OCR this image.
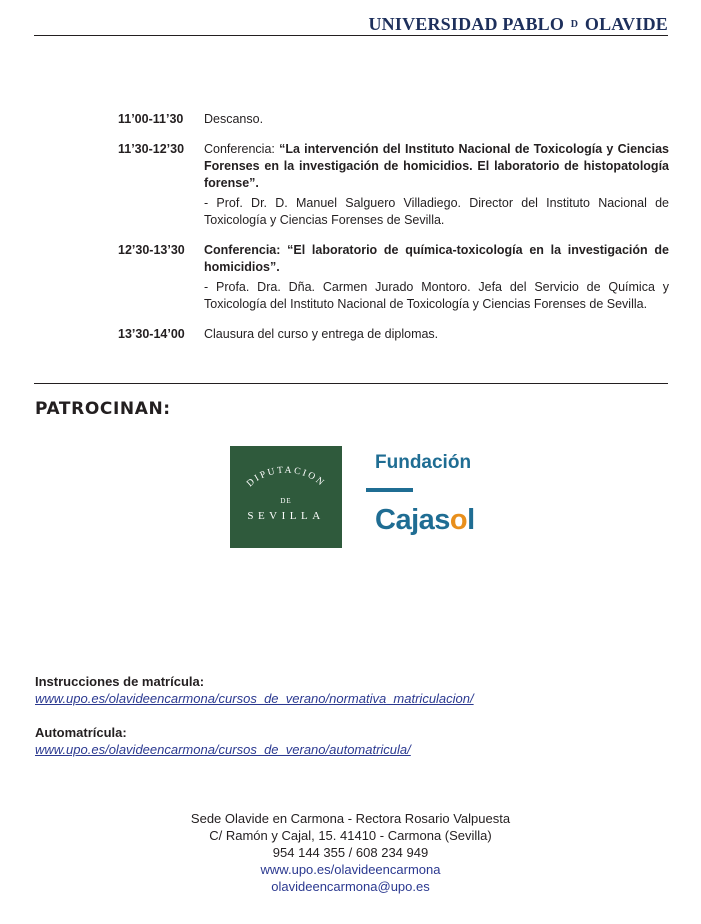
UNIVERSIDAD PABLO D OLAVIDE
11’00-11’30	Descanso.
11’30-12’30	Conferencia: “La intervención del Instituto Nacional de Toxicología y Ciencias Forenses en la investigación de homicidios. El laboratorio de histopatología forense”.
- Prof. Dr. D. Manuel Salguero Villadiego. Director del Instituto Nacional de Toxicología y Ciencias Forenses de Sevilla.
12’30-13’30	Conferencia: “El laboratorio de química-toxicología en la investigación de homicidios”.
- Profa. Dra. Dña. Carmen Jurado Montoro. Jefa del Servicio de Química y Toxicología del Instituto Nacional de Toxicología y Ciencias Forenses de Sevilla.
13’30-14’00	Clausura del curso y entrega de diplomas.
PATROCINAN:
DIPUTACION
DE
SEVILLA
Fundación
Cajasol
Instrucciones de matrícula:
www.upo.es/olavideencarmona/cursos_de_verano/normativa_matriculacion/
Automatrícula:
www.upo.es/olavideencarmona/cursos_de_verano/automatricula/
Sede Olavide en Carmona - Rectora Rosario Valpuesta
C/ Ramón y Cajal, 15. 41410 - Carmona (Sevilla)
954 144 355 / 608 234 949
www.upo.es/olavideencarmona
olavideencarmona@upo.es
